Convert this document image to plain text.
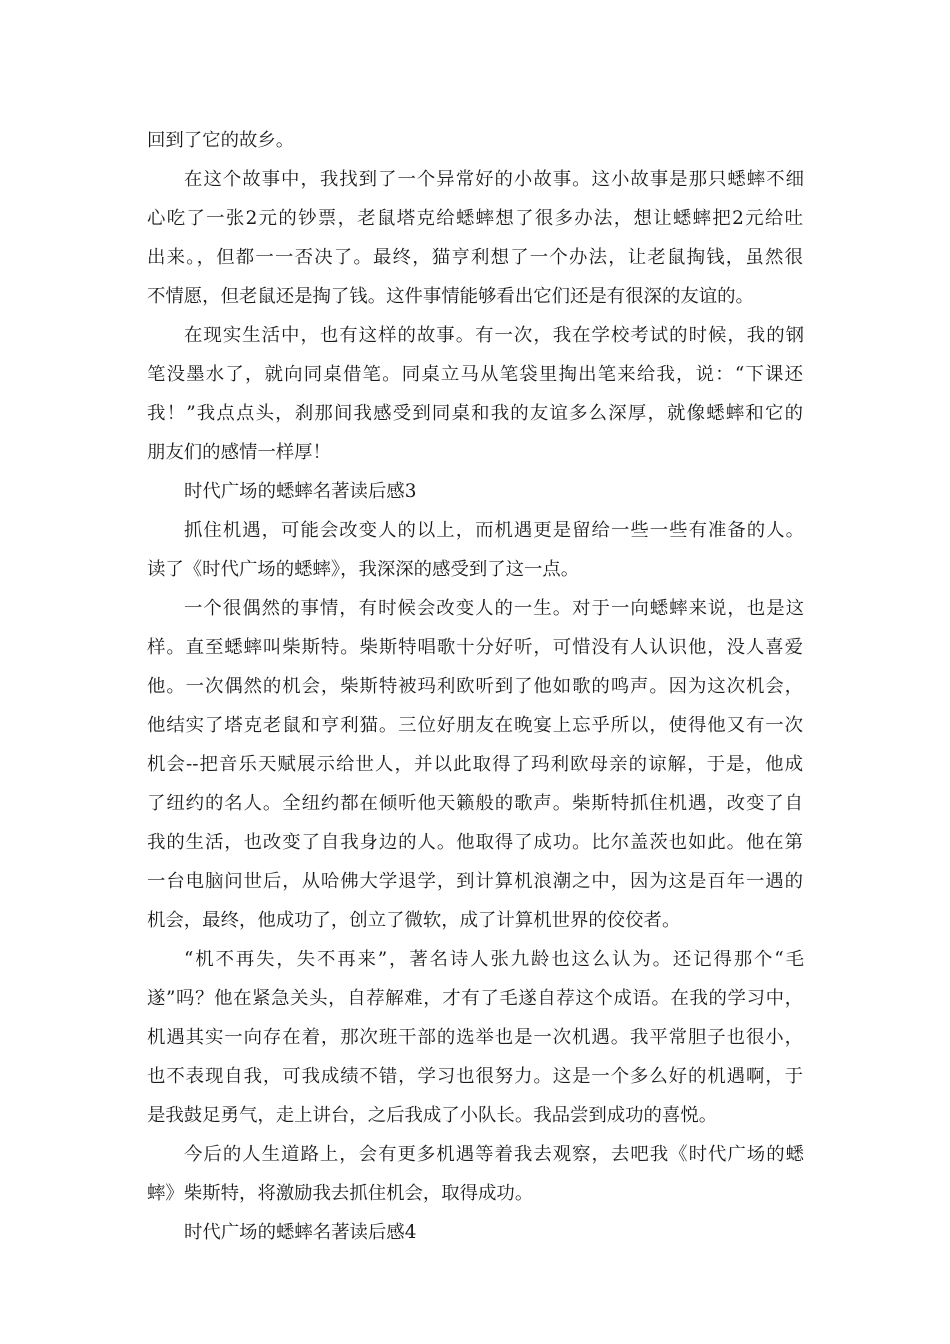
回到了它的故乡。
在这个故事中，我找到了一个异常好的小故事。这小故事是那只蟋蟀不细
心吃了一张2元的钞票，老鼠塔克给蟋蟀想了很多办法，想让蟋蟀把2元给吐
出来。，但都一一否决了。最终，猫亨利想了一个办法，让老鼠掏钱，虽然很
不情愿，但老鼠还是掏了钱。这件事情能够看出它们还是有很深的友谊的。
在现实生活中，也有这样的故事。有一次，我在学校考试的时候，我的钢
笔没墨水了，就向同桌借笔。同桌立马从笔袋里掏出笔来给我，说：“下课还
我！”我点点头，刹那间我感受到同桌和我的友谊多么深厚，就像蟋蟀和它的
朋友们的感情一样厚！
时代广场的蟋蟀名著读后感3
抓住机遇，可能会改变人的以上，而机遇更是留给一些一些有准备的人。
读了《时代广场的蟋蟀》，我深深的感受到了这一点。
一个很偶然的事情，有时候会改变人的一生。对于一向蟋蟀来说，也是这
样。直至蟋蟀叫柴斯特。柴斯特唱歌十分好听，可惜没有人认识他，没人喜爱
他。一次偶然的机会，柴斯特被玛利欧听到了他如歌的鸣声。因为这次机会，
他结实了塔克老鼠和亨利猫。三位好朋友在晚宴上忘乎所以，使得他又有一次
机会--把音乐天赋展示给世人，并以此取得了玛利欧母亲的谅解，于是，他成
了纽约的名人。全纽约都在倾听他天籁般的歌声。柴斯特抓住机遇，改变了自
我的生活，也改变了自我身边的人。他取得了成功。比尔盖茨也如此。他在第
一台电脑问世后，从哈佛大学退学，到计算机浪潮之中，因为这是百年一遇的
机会，最终，他成功了，创立了微软，成了计算机世界的佼佼者。
“机不再失，失不再来”，著名诗人张九龄也这么认为。还记得那个“毛
遂”吗？他在紧急关头，自荐解难，才有了毛遂自荐这个成语。在我的学习中，
机遇其实一向存在着，那次班干部的选举也是一次机遇。我平常胆子也很小，
也不表现自我，可我成绩不错，学习也很努力。这是一个多么好的机遇啊，于
是我鼓足勇气，走上讲台，之后我成了小队长。我品尝到成功的喜悦。
今后的人生道路上，会有更多机遇等着我去观察，去吧我《时代广场的蟋
蟀》柴斯特，将激励我去抓住机会，取得成功。
时代广场的蟋蟀名著读后感4
